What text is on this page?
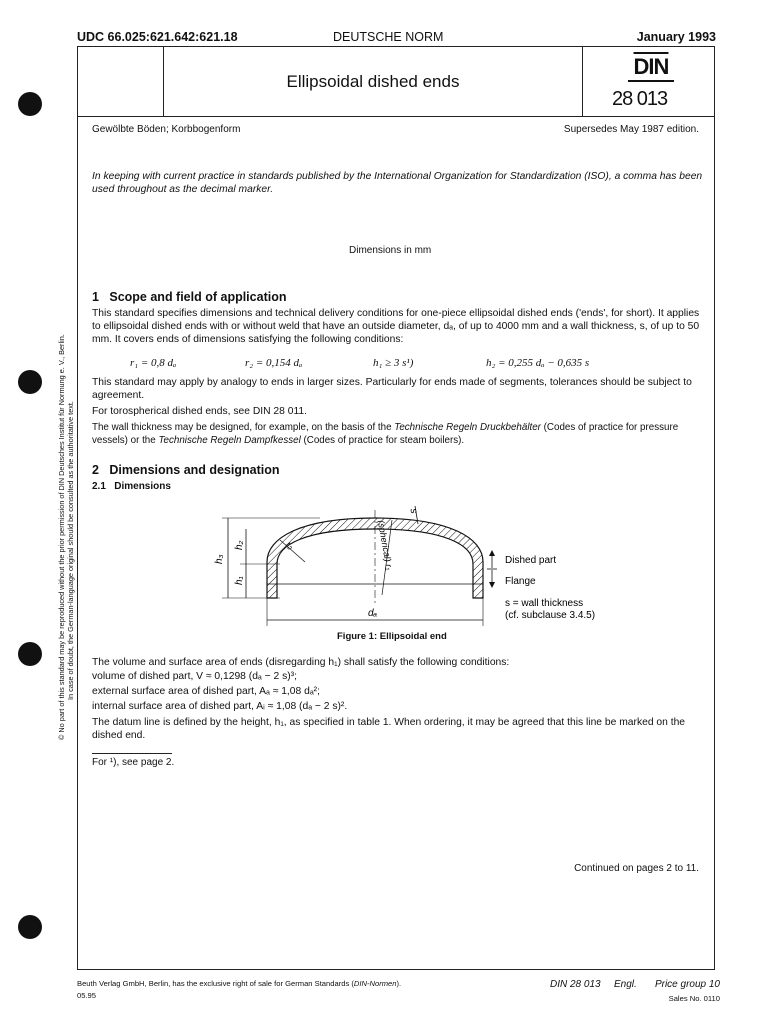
UDC 66.025:621.642:621.18	DEUTSCHE NORM	January 1993
Ellipsoidal dished ends
$\overline{DIN}$
28 013
Gewölbte Böden; Korbbogenform	Supersedes May 1987 edition.

In keeping with current practice in standards published by the International Organization for Standardization (ISO), a comma has been used throughout as the decimal marker.

Dimensions in mm
© No part of this standard may be reproduced without the prior permission of DIN Deutsches Institut für Normung e. V., Berlin. In case of doubt, the German-language original should be consulted as the authoritative text.
1   Scope and field of application

This standard specifies dimensions and technical delivery conditions for one-piece ellipsoidal dished ends ('ends', for short). It applies to ellipsoidal dished ends with or without weld that have an outside diameter, dₐ, of up to 4000 mm and a wall thickness, s, of up to 50 mm. It covers ends of dimensions satisfying the following conditions:

r₁ = 0,8 dₐ	r₂ = 0,154 dₐ	h₁ ≥ 3 s¹)	h₂ = 0,255 dₐ − 0,635 s

This standard may apply by analogy to ends in larger sizes. Particularly for ends made of segments, tolerances should be subject to agreement.

For torospherical dished ends, see DIN 28 011.

The wall thickness may be designed, for example, on the basis of the Technische Regeln Druckbehälter (Codes of practice for pressure vessels) or the Technische Regeln Dampfkessel (Codes of practice for steam boilers).

2   Dimensions and designation
2.1   Dimensions
s
h₃
h₂
h₁
r₂	(spherical) r₁
dₐ
Dished part
Flange
s = wall thickness
(cf. subclause 3.4.5)
Figure 1: Ellipsoidal end

The volume and surface area of ends (disregarding h₁) shall satisfy the following conditions:

volume of dished part, V ≈ 0,1298 (dₐ − 2 s)³;

external surface area of dished part, Aₐ ≈ 1,08 dₐ²;

internal surface area of dished part, Aᵢ ≈ 1,08 (dₐ − 2 s)².

The datum line is defined by the height, h₁, as specified in table 1. When ordering, it may be agreed that this line be marked on the dished end.

For ¹), see page 2.
Continued on pages 2 to 11.
Beuth Verlag GmbH, Berlin, has the exclusive right of sale for German Standards (DIN-Normen).
05.95
DIN 28 013 Engl. Price group 10
Sales No. 0110
